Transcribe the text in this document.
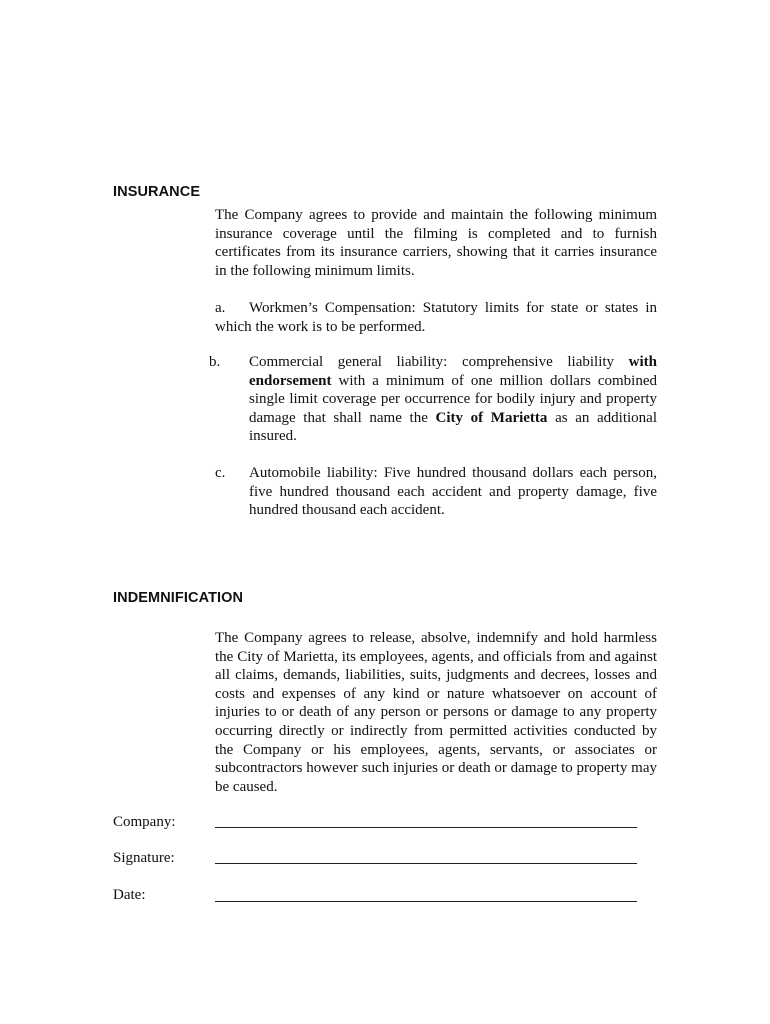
INSURANCE
The Company agrees to provide and maintain the following minimum insurance coverage until the filming is completed and to furnish certificates from its insurance carriers, showing that it carries insurance in the following minimum limits.
a. Workmen’s Compensation: Statutory limits for state or states in which the work is to be performed.
b. Commercial general liability: comprehensive liability with endorsement with a minimum of one million dollars combined single limit coverage per occurrence for bodily injury and property damage that shall name the City of Marietta as an additional insured.
c. Automobile liability: Five hundred thousand dollars each person, five hundred thousand each accident and property damage, five hundred thousand each accident.
INDEMNIFICATION
The Company agrees to release, absolve, indemnify and hold harmless the City of Marietta, its employees, agents, and officials from and against all claims, demands, liabilities, suits, judgments and decrees, losses and costs and expenses of any kind or nature whatsoever on account of injuries to or death of any person or persons or damage to any property occurring directly or indirectly from permitted activities conducted by the Company or his employees, agents, servants, or associates or subcontractors however such injuries or death or damage to property may be caused.
Company:
Signature:
Date:
